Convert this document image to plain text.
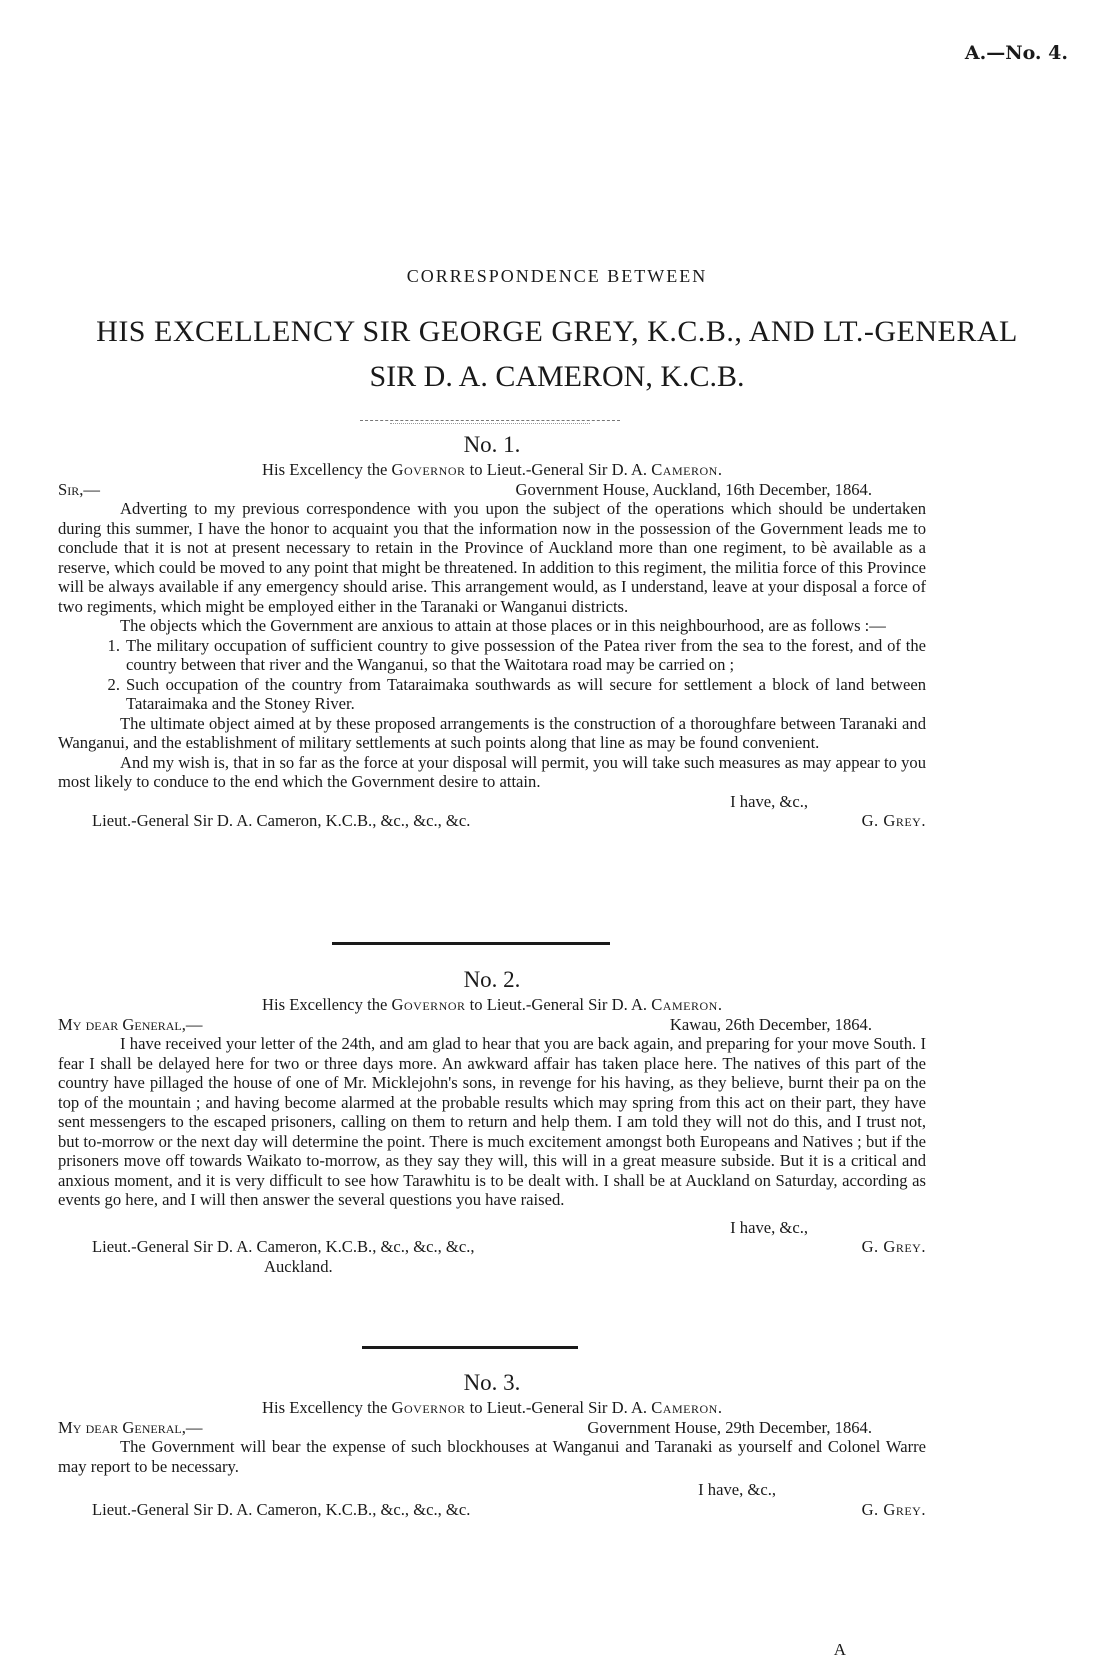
A.—No. 4.
CORRESPONDENCE BETWEEN
HIS EXCELLENCY SIR GEORGE GREY, K.C.B., AND LT.-GENERAL
SIR D. A. CAMERON, K.C.B.
No. 1.
His Excellency the Governor to Lieut.-General Sir D. A. Cameron.
Sir,—	Government House, Auckland, 16th December, 1864.
Adverting to my previous correspondence with you upon the subject of the operations which should be undertaken during this summer, I have the honor to acquaint you that the information now in the possession of the Government leads me to conclude that it is not at present necessary to retain in the Province of Auckland more than one regiment, to bè available as a reserve, which could be moved to any point that might be threatened. In addition to this regiment, the militia force of this Province will be always available if any emergency should arise. This arrangement would, as I understand, leave at your disposal a force of two regiments, which might be employed either in the Taranaki or Wanganui districts.
The objects which the Government are anxious to attain at those places or in this neighbourhood, are as follows :—
1. The military occupation of sufficient country to give possession of the Patea river from the sea to the forest, and of the country between that river and the Wanganui, so that the Waitotara road may be carried on ;
2. Such occupation of the country from Tataraimaka southwards as will secure for settlement a block of land between Tataraimaka and the Stoney River.
The ultimate object aimed at by these proposed arrangements is the construction of a thoroughfare between Taranaki and Wanganui, and the establishment of military settlements at such points along that line as may be found convenient.
And my wish is, that in so far as the force at your disposal will permit, you will take such measures as may appear to you most likely to conduce to the end which the Government desire to attain.
I have, &c.,
Lieut.-General Sir D. A. Cameron, K.C.B., &c., &c., &c.	G. Grey.
No. 2.
His Excellency the Governor to Lieut.-General Sir D. A. Cameron.
My dear General,—	Kawau, 26th December, 1864.
I have received your letter of the 24th, and am glad to hear that you are back again, and preparing for your move South. I fear I shall be delayed here for two or three days more. An awkward affair has taken place here. The natives of this part of the country have pillaged the house of one of Mr. Micklejohn's sons, in revenge for his having, as they believe, burnt their pa on the top of the mountain ; and having become alarmed at the probable results which may spring from this act on their part, they have sent messengers to the escaped prisoners, calling on them to return and help them. I am told they will not do this, and I trust not, but to-morrow or the next day will determine the point. There is much excitement amongst both Europeans and Natives ; but if the prisoners move off towards Waikato to-morrow, as they say they will, this will in a great measure subside. But it is a critical and anxious moment, and it is very difficult to see how Tarawhitu is to be dealt with. I shall be at Auckland on Saturday, according as events go here, and I will then answer the several questions you have raised.
I have, &c.,
Lieut.-General Sir D. A. Cameron, K.C.B., &c., &c., &c.,	G. Grey.
Auckland.
No. 3.
His Excellency the Governor to Lieut.-General Sir D. A. Cameron.
My dear General,—	Government House, 29th December, 1864.
The Government will bear the expense of such blockhouses at Wanganui and Taranaki as yourself and Colonel Warre may report to be necessary.
I have, &c.,
Lieut.-General Sir D. A. Cameron, K.C.B., &c., &c., &c.	G. Grey.
A
